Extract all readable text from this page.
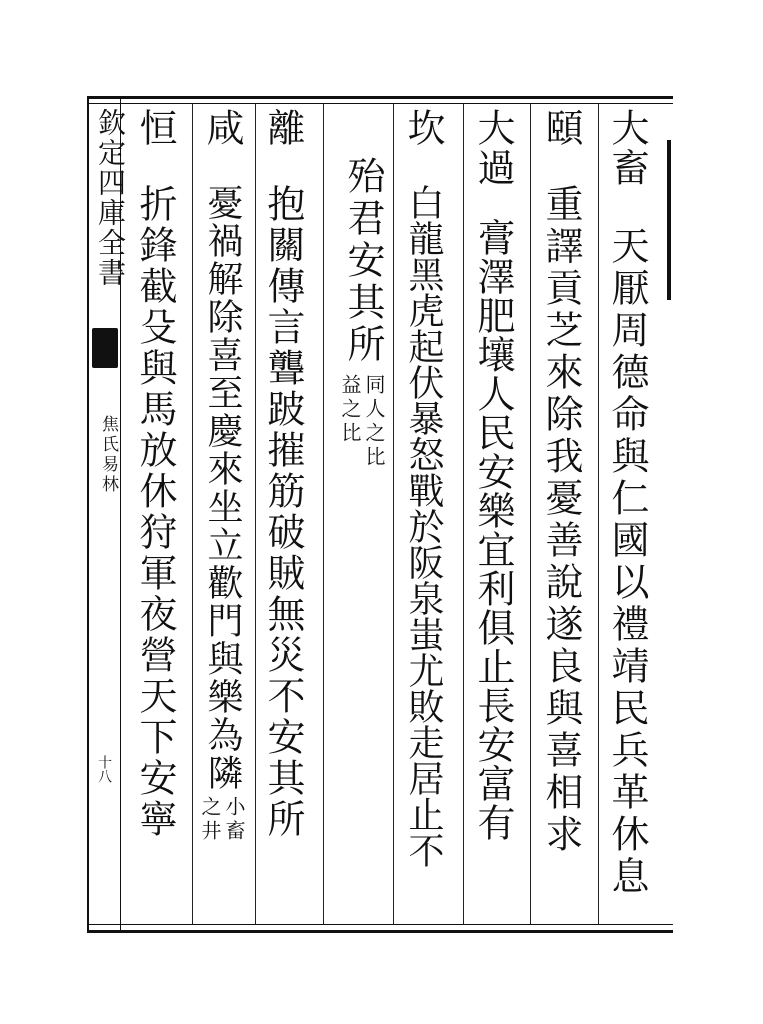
欽定四庫全書
焦氏易林
十八
大畜
天厭周德命與仁國以禮靖民兵革休息
頤
重譯貢芝來除我憂善說遂良與喜相求
大過
膏澤肥壤人民安樂宜利俱止長安富有
坎
白龍黑虎起伏暴怒戰於阪泉蚩尤敗走居止不
殆君安其所
同人之比
益之比
離
抱關傳言聾跛摧筋破賊無災不安其所
咸
憂禍解除喜至慶來坐立歡門與樂為隣
小畜
之井
恒
折鋒截殳與馬放休狩軍夜營天下安寧
